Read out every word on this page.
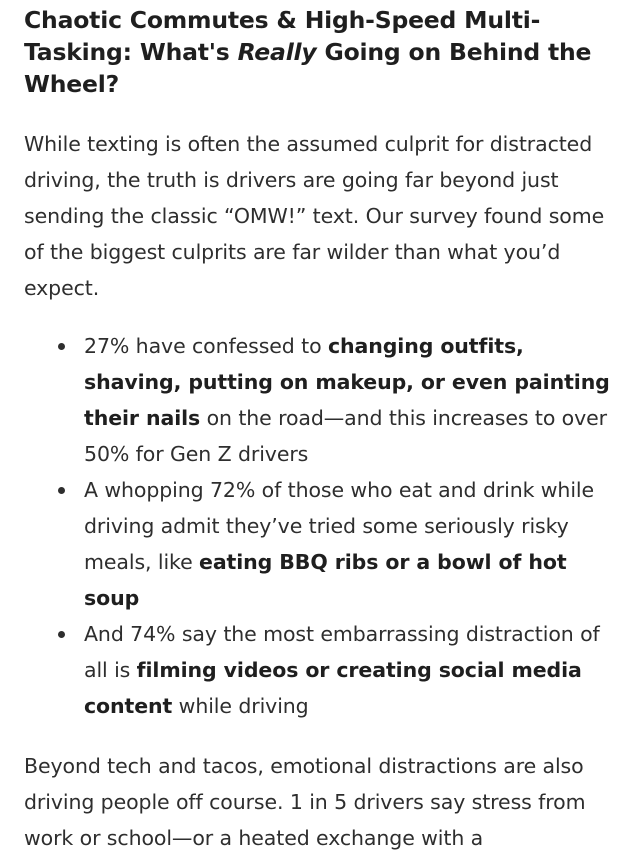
Chaotic Commutes & High-Speed Multi-Tasking: What's Really Going on Behind the Wheel?

While texting is often the assumed culprit for distracted driving, the truth is drivers are going far beyond just sending the classic “OMW!” text. Our survey found some of the biggest culprits are far wilder than what you’d expect.

27% have confessed to changing outfits, shaving, putting on makeup, or even painting their nails on the road—and this increases to over 50% for Gen Z drivers
A whopping 72% of those who eat and drink while driving admit they’ve tried some seriously risky meals, like eating BBQ ribs or a bowl of hot soup
And 74% say the most embarrassing distraction of all is filming videos or creating social media content while driving

Beyond tech and tacos, emotional distractions are also driving people off course. 1 in 5 drivers say stress from work or school—or a heated exchange with a
